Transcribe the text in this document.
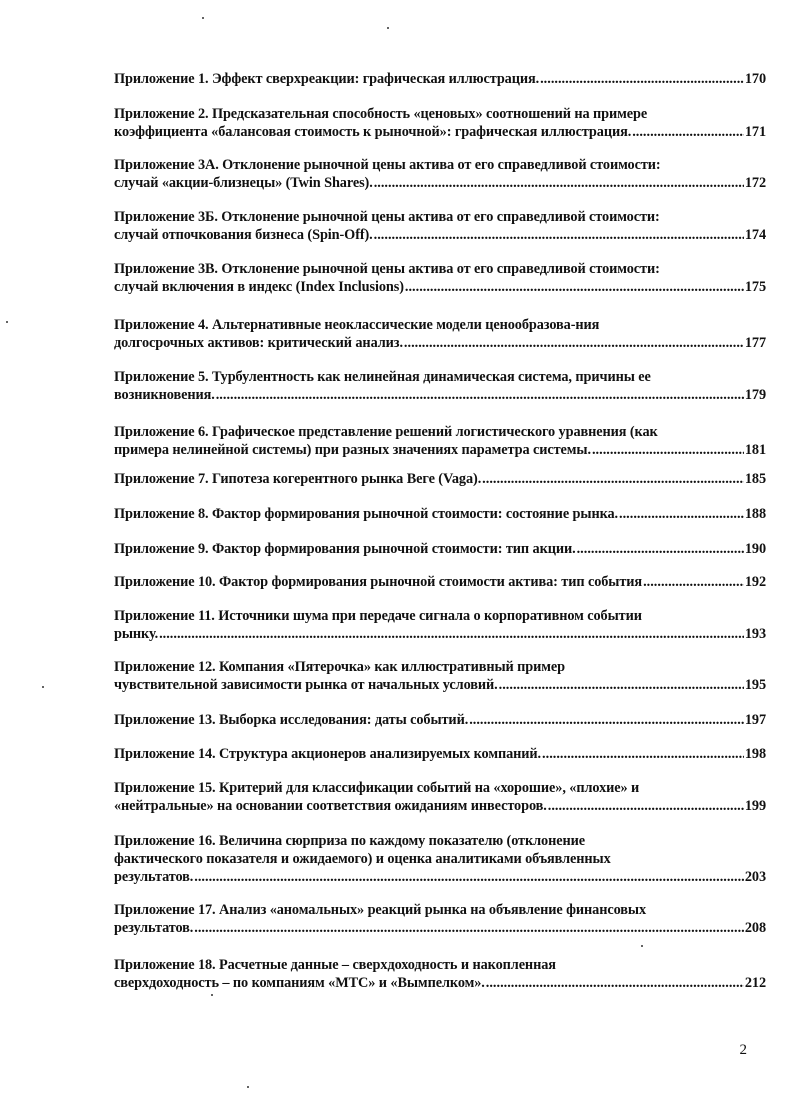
Приложение 1. Эффект сверхреакции: графическая иллюстрация. .....	170
Приложение 2. Предсказательная способность «ценовых» соотношений на примере
коэффициента «балансовая стоимость к рыночной»: графическая иллюстрация. .....	171
Приложение 3А. Отклонение рыночной цены актива от его справедливой стоимости:
случай «акции-близнецы» (Twin Shares). .....	172
Приложение 3Б. Отклонение рыночной цены актива от его справедливой стоимости:
случай отпочкования бизнеса (Spin-Off). .....	174
Приложение 3В. Отклонение рыночной цены актива от его справедливой стоимости:
случай включения в индекс (Index Inclusions) .....	175
Приложение 4. Альтернативные неоклассические модели ценообразова-ния
долгосрочных активов: критический анализ. .....	177
Приложение 5. Турбулентность как нелинейная динамическая система, причины ее
возникновения. .....	179
Приложение 6. Графическое представление решений логистического уравнения (как
примера нелинейной системы) при разных значениях параметра системы. .....	181
Приложение 7. Гипотеза когерентного рынка Веге (Vaga). .....	185
Приложение 8. Фактор формирования рыночной стоимости: состояние рынка. .....	188
Приложение 9. Фактор формирования рыночной стоимости: тип акции. .....	190
Приложение 10. Фактор формирования рыночной стоимости актива: тип события .....	192
Приложение 11. Источники шума при передаче сигнала о корпоративном событии
рынку. .....	193
Приложение 12. Компания «Пятерочка» как иллюстративный пример
чувствительной зависимости рынка от начальных условий. .....	195
Приложение 13. Выборка исследования: даты событий. .....	197
Приложение 14. Структура акционеров анализируемых компаний. .....	198
Приложение 15. Критерий для классификации событий на «хорошие», «плохие» и
«нейтральные» на основании соответствия ожиданиям инвесторов. .....	199
Приложение 16. Величина сюрприза по каждому показателю (отклонение
фактического показателя и ожидаемого) и оценка аналитиками объявленных
результатов. .....	203
Приложение 17. Анализ «аномальных» реакций рынка на объявление финансовых
результатов. .....	208
Приложение 18. Расчетные данные – сверхдоходность и накопленная
сверхдоходность – по компаниям «МТС» и «Вымпелком». .....	212
2
